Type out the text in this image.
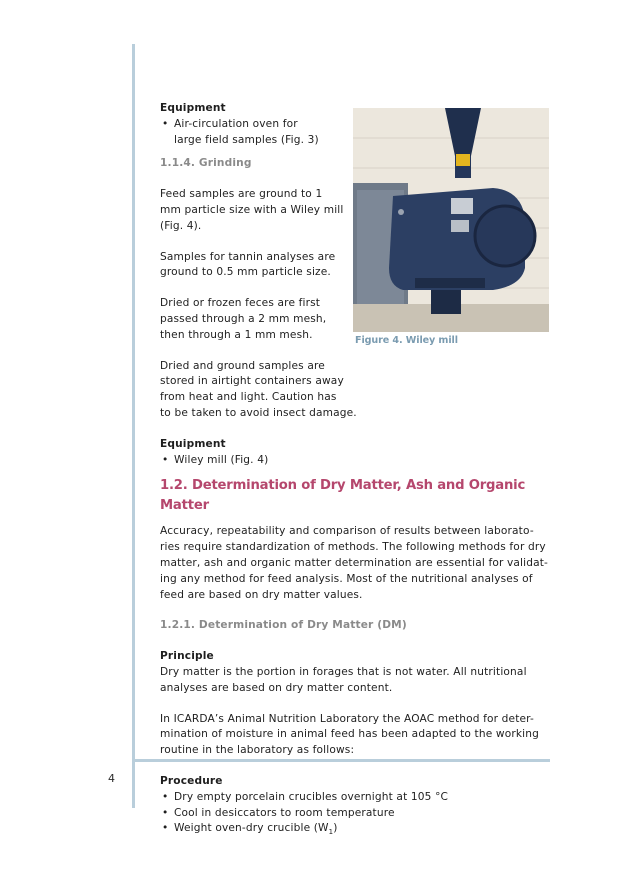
4
Figure 4. Wiley mill

Equipment

• Air-circulation oven for

large field samples (Fig. 3)

1.1.4. Grinding

Feed samples are ground to 1

mm particle size with a Wiley mill

(Fig. 4).

Samples for tannin analyses are

ground to 0.5 mm particle size.

Dried or frozen feces are first

passed through a 2 mm mesh,

then through a 1 mm mesh.

Dried and ground samples are

stored in airtight containers away

from heat and light. Caution has

to be taken to avoid insect damage.

Equipment

• Wiley mill (Fig. 4)

1.2. Determination of Dry Matter, Ash and Organic Matter

Accuracy, repeatability and comparison of results between laborato-

ries require standardization of methods. The following methods for dry

matter, ash and organic matter determination are essential for validat-

ing any method for feed analysis. Most of the nutritional analyses of

feed are based on dry matter values.

1.2.1. Determination of Dry Matter (DM)

Principle

Dry matter is the portion in forages that is not water. All nutritional

analyses are based on dry matter content.

In ICARDA’s Animal Nutrition Laboratory the AOAC method for deter-

mination of moisture in animal feed has been adapted to the working

routine in the laboratory as follows:

Procedure

• Dry empty porcelain crucibles overnight at 105 °C

• Cool in desiccators to room temperature

• Weight oven-dry crucible $(W_1)$
